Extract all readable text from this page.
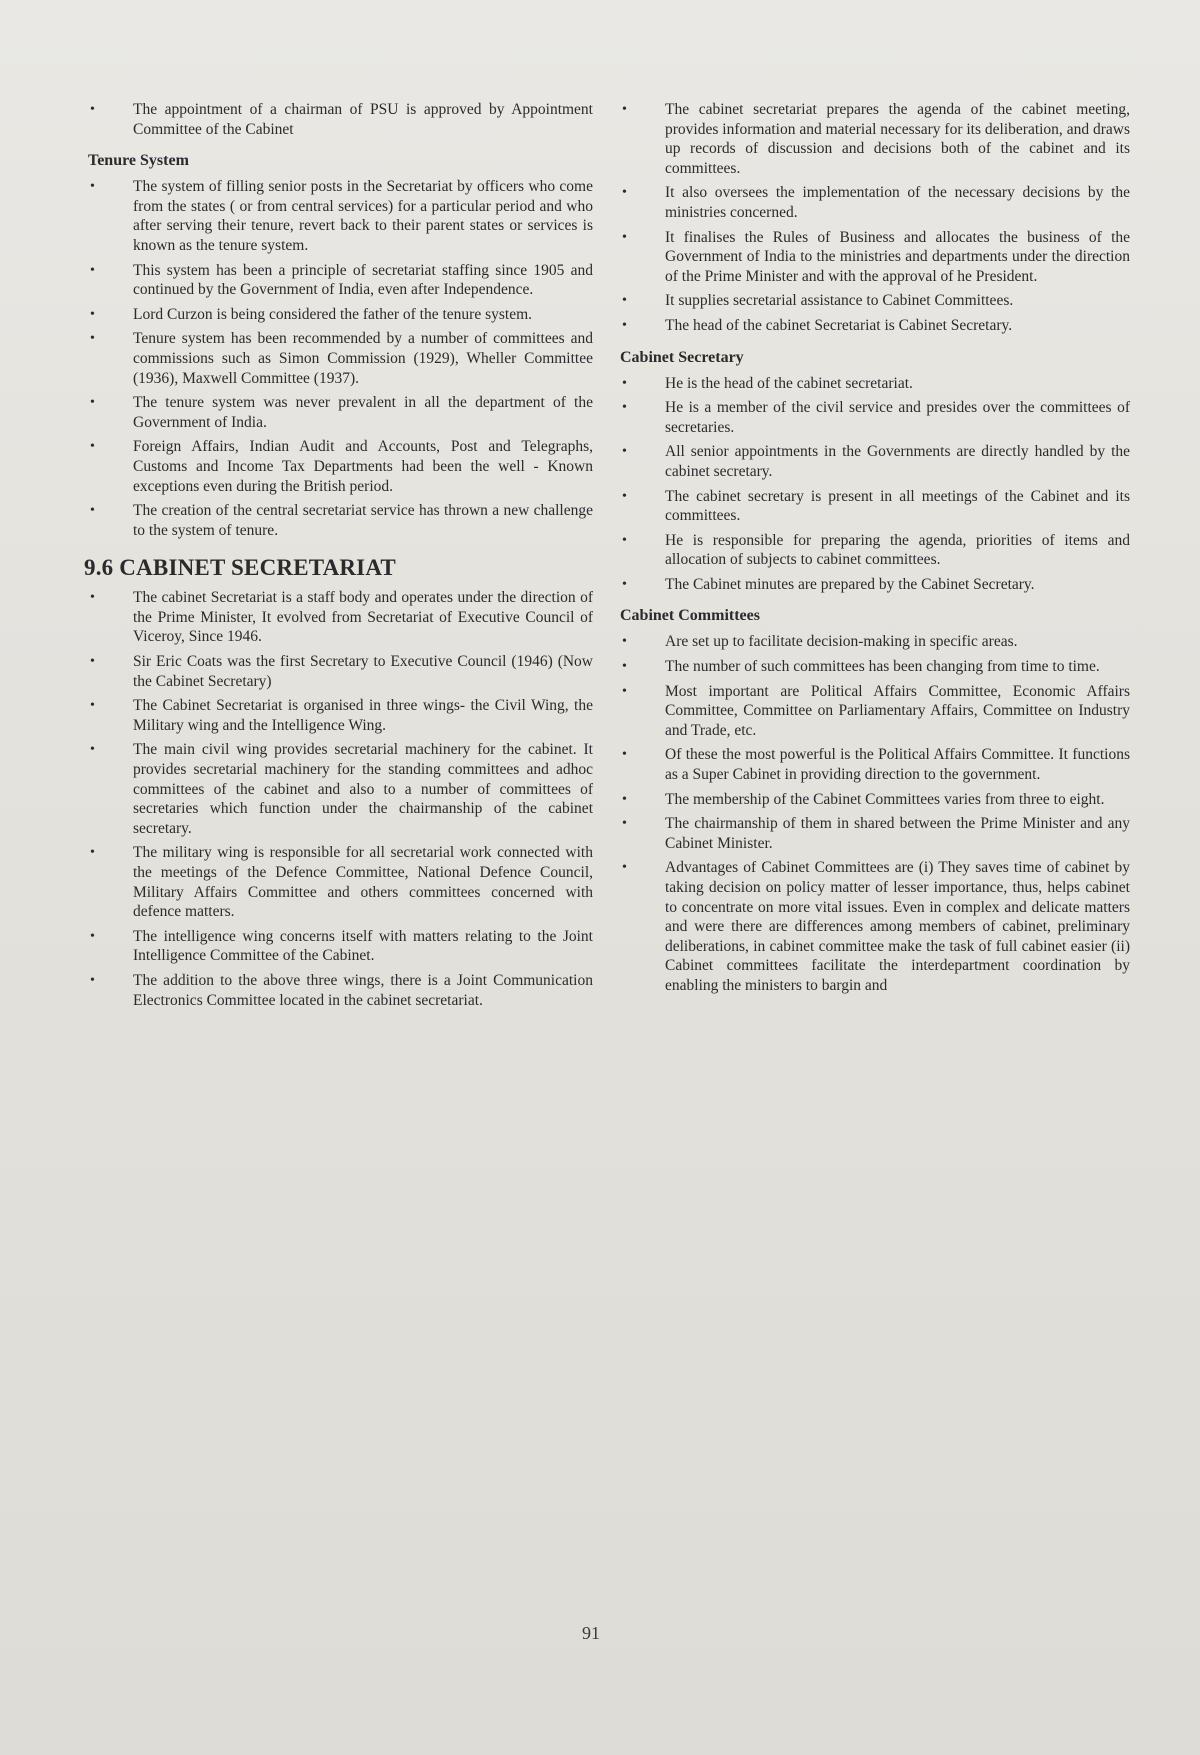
• The appointment of a chairman of PSU is approved by Appointment Committee of the Cabinet
Tenure System
• The system of filling senior posts in the Secretariat by officers who come from the states ( or from central services) for a particular period and who after serving their tenure, revert back to their parent states or services is known as the tenure system.
• This system has been a principle of secretariat staffing since 1905 and continued by the Government of India, even after Independence.
• Lord Curzon is being considered the father of the tenure system.
• Tenure system has been recommended by a number of committees and commissions such as Simon Commission (1929), Wheller Committee (1936), Maxwell Committee (1937).
• The tenure system was never prevalent in all the department of the Government of India.
• Foreign Affairs, Indian Audit and Accounts, Post and Telegraphs, Customs and Income Tax Departments had been the well - Known exceptions even during the British period.
• The creation of the central secretariat service has thrown a new challenge to the system of tenure.
9.6 CABINET SECRETARIAT
• The cabinet Secretariat is a staff body and operates under the direction of the Prime Minister, It evolved from Secretariat of Executive Council of Viceroy, Since 1946.
• Sir Eric Coats was the first Secretary to Executive Council (1946) (Now the Cabinet Secretary)
• The Cabinet Secretariat is organised in three wings- the Civil Wing, the Military wing and the Intelligence Wing.
• The main civil wing provides secretarial machinery for the cabinet. It provides secretarial machinery for the standing committees and adhoc committees of the cabinet and also to a number of committees of secretaries which function under the chairmanship of the cabinet secretary.
• The military wing is responsible for all secretarial work connected with the meetings of the Defence Committee, National Defence Council, Military Affairs Committee and others committees concerned with defence matters.
• The intelligence wing concerns itself with matters relating to the Joint Intelligence Committee of the Cabinet.
• The addition to the above three wings, there is a Joint Communication Electronics Committee located in the cabinet secretariat.
• The cabinet secretariat prepares the agenda of the cabinet meeting, provides information and material necessary for its deliberation, and draws up records of discussion and decisions both of the cabinet and its committees.
• It also oversees the implementation of the necessary decisions by the ministries concerned.
• It finalises the Rules of Business and allocates the business of the Government of India to the ministries and departments under the direction of the Prime Minister and with the approval of he President.
• It supplies secretarial assistance to Cabinet Committees.
• The head of the cabinet Secretariat is Cabinet Secretary.
Cabinet Secretary
• He is the head of the cabinet secretariat.
• He is a member of the civil service and presides over the committees of secretaries.
• All senior appointments in the Governments are directly handled by the cabinet secretary.
• The cabinet secretary is present in all meetings of the Cabinet and its committees.
• He is responsible for preparing the agenda, priorities of items and allocation of subjects to cabinet committees.
• The Cabinet minutes are prepared by the Cabinet Secretary.
Cabinet Committees
• Are set up to facilitate decision-making in specific areas.
• The number of such committees has been changing from time to time.
• Most important are Political Affairs Committee, Economic Affairs Committee, Committee on Parliamentary Affairs, Committee on Industry and Trade, etc.
• Of these the most powerful is the Political Affairs Committee. It functions as a Super Cabinet in providing direction to the government.
• The membership of the Cabinet Committees varies from three to eight.
• The chairmanship of them in shared between the Prime Minister and any Cabinet Minister.
• Advantages of Cabinet Committees are (i) They saves time of cabinet by taking decision on policy matter of lesser importance, thus, helps cabinet to concentrate on more vital issues. Even in complex and delicate matters and were there are differences among members of cabinet, preliminary deliberations, in cabinet committee make the task of full cabinet easier (ii) Cabinet committees facilitate the interdepartment coordination by enabling the ministers to bargin and
91
